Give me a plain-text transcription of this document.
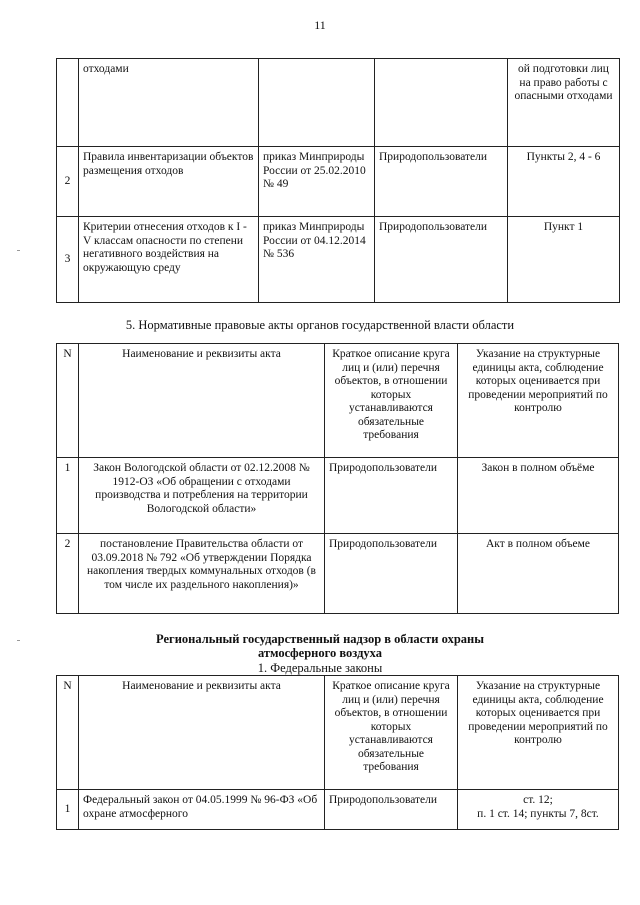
11
	отходами			ой подготовки лиц на право работы с опасными отходами
2	Правила инвентаризации объектов размещения отходов	приказ Минприроды России от 25.02.2010 № 49	Природопользователи	Пункты 2, 4 - 6
3	Критерии отнесения отходов к I - V классам опасности по степени негативного воздействия на окружающую среду	приказ Минприроды России от 04.12.2014 № 536	Природопользователи	Пункт 1
5. Нормативные правовые акты органов государственной власти области
N	Наименование и реквизиты акта	Краткое описание круга лиц и (или) перечня объектов, в отношении которых устанавливаются обязательные требования	Указание на структурные единицы акта, соблюдение которых оценивается при проведении мероприятий по контролю
1	Закон Вологодской области от 02.12.2008 № 1912-ОЗ «Об обращении с отходами производства и потребления на территории Вологодской области»	Природопользователи	Закон в полном объёме
2	постановление Правительства области от 03.09.2018 № 792 «Об утверждении Порядка накопления твердых коммунальных отходов (в том числе их раздельного накопления)»	Природопользователи	Акт в полном объеме
Региональный государственный надзор в области охраны
атмосферного воздуха
1. Федеральные законы
N	Наименование и реквизиты акта	Краткое описание круга лиц и (или) перечня объектов, в отношении которых устанавливаются обязательные требования	Указание на структурные единицы акта, соблюдение которых оценивается при проведении мероприятий по контролю
1	Федеральный закон от 04.05.1999 № 96-ФЗ «Об охране атмосферного	Природопользователи	ст. 12;
п. 1 ст. 14; пункты 7, 8ст.
